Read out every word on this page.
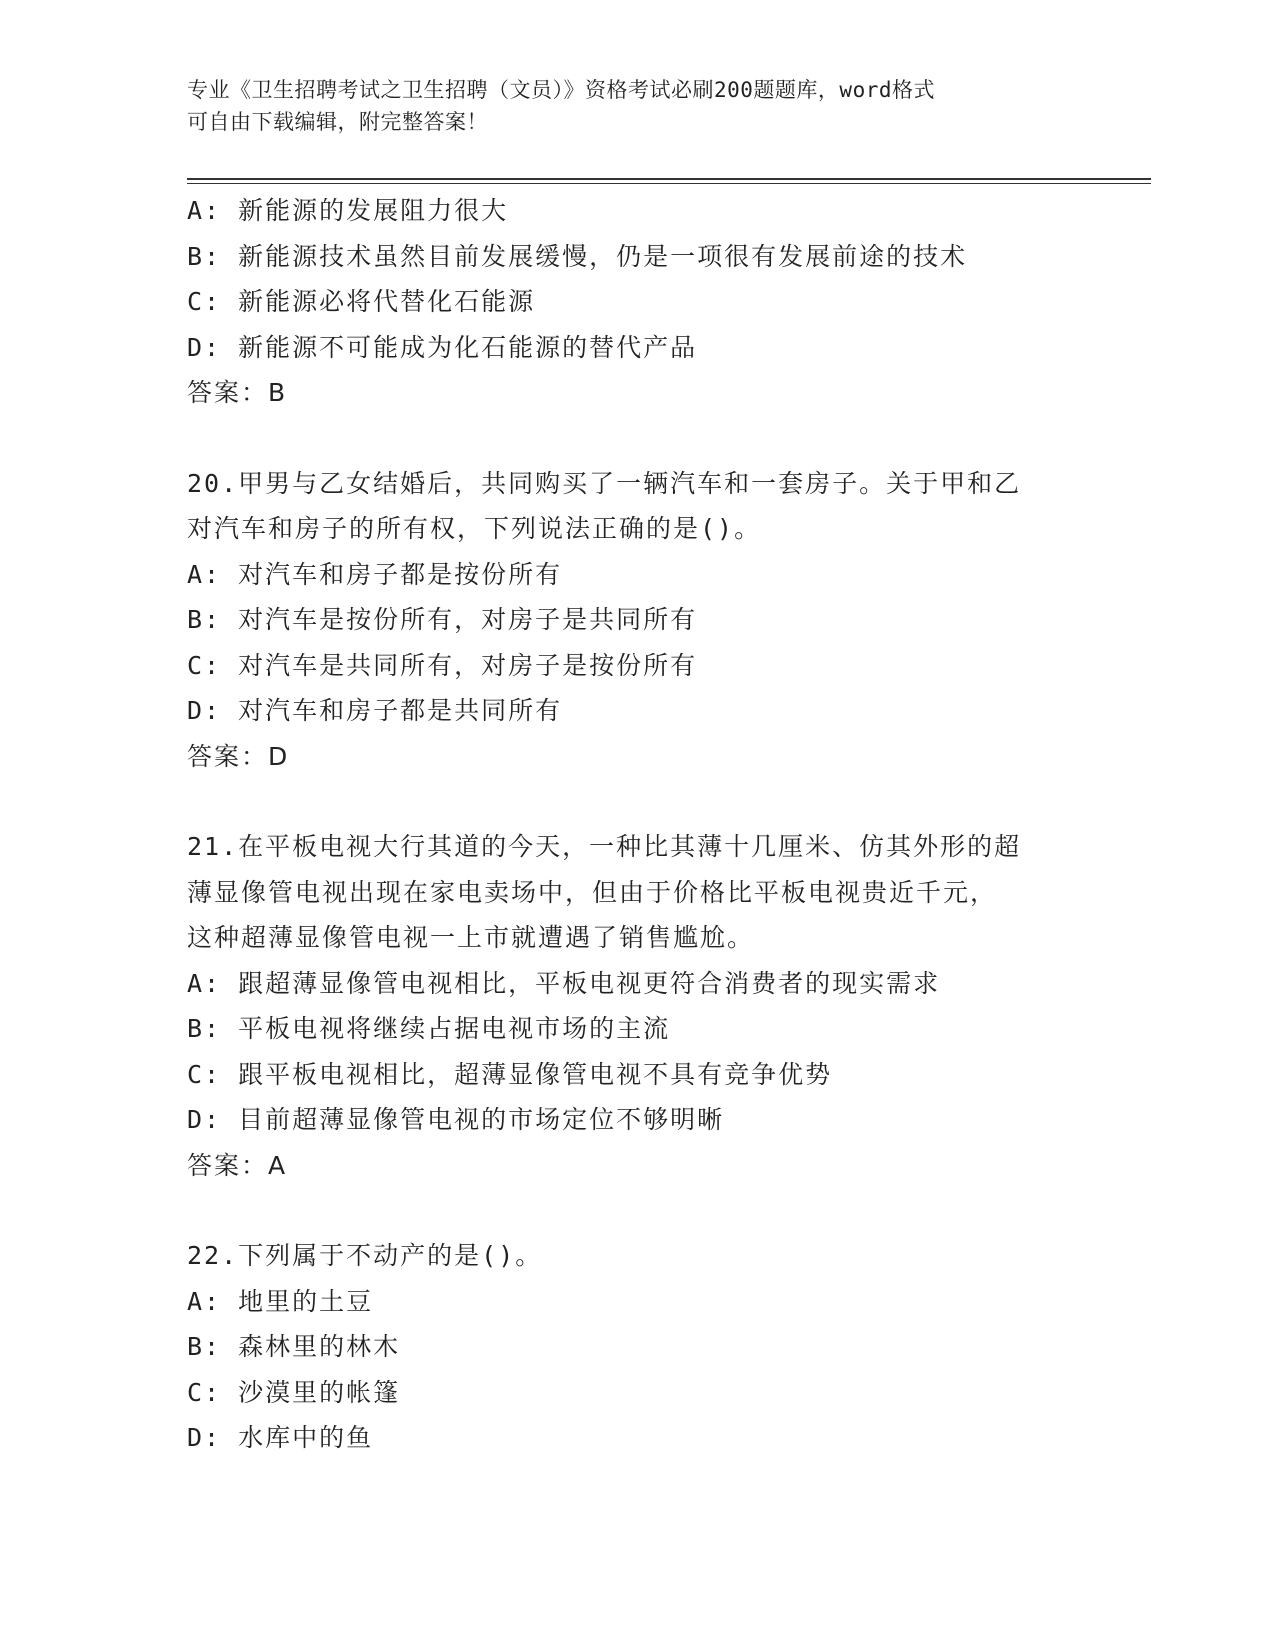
专业《卫生招聘考试之卫生招聘（文员）》资格考试必刷200题题库，word格式
可自由下载编辑，附完整答案！
A: 新能源的发展阻力很大
B: 新能源技术虽然目前发展缓慢，仍是一项很有发展前途的技术
C: 新能源必将代替化石能源
D: 新能源不可能成为化石能源的替代产品
答案：B
20.甲男与乙女结婚后，共同购买了一辆汽车和一套房子。关于甲和乙
对汽车和房子的所有权，下列说法正确的是()。
A: 对汽车和房子都是按份所有
B: 对汽车是按份所有，对房子是共同所有
C: 对汽车是共同所有，对房子是按份所有
D: 对汽车和房子都是共同所有
答案：D
21.在平板电视大行其道的今天，一种比其薄十几厘米、仿其外形的超
薄显像管电视出现在家电卖场中，但由于价格比平板电视贵近千元，
这种超薄显像管电视一上市就遭遇了销售尴尬。
A: 跟超薄显像管电视相比，平板电视更符合消费者的现实需求
B: 平板电视将继续占据电视市场的主流
C: 跟平板电视相比，超薄显像管电视不具有竞争优势
D: 目前超薄显像管电视的市场定位不够明晰
答案：A
22.下列属于不动产的是()。
A: 地里的土豆
B: 森林里的林木
C: 沙漠里的帐篷
D: 水库中的鱼
